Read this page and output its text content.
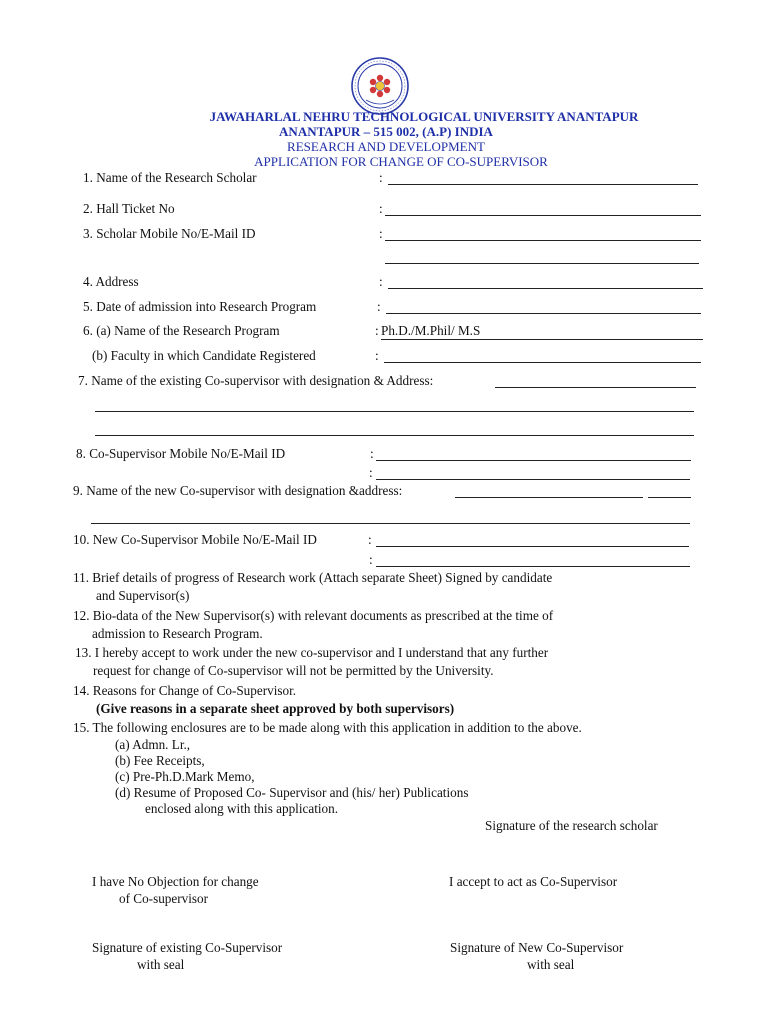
JAWAHARLAL NEHRU TECHNOLOGICAL UNIVERSITY ANANTAPUR
ANANTAPUR – 515 002, (A.P) INDIA
RESEARCH AND DEVELOPMENT
APPLICATION FOR CHANGE OF CO-SUPERVISOR
1. Name of the Research Scholar	:
2. Hall Ticket No	:
3. Scholar Mobile No/E-Mail ID	:
4. Address	:
5. Date of admission into Research Program	:
6. (a) Name of the Research Program	: Ph.D./M.Phil/ M.S
(b) Faculty in which Candidate Registered	:
7. Name of the existing Co-supervisor with designation & Address:
8. Co-Supervisor Mobile No/E-Mail ID	:
:
9. Name of the new Co-supervisor with designation &address:
10. New Co-Supervisor Mobile No/E-Mail ID	:
:
11. Brief details of progress of Research work (Attach separate Sheet) Signed by candidate
and Supervisor(s)
12. Bio-data of the New Supervisor(s) with relevant documents as prescribed at the time of
admission to Research Program.
13. I hereby accept to work under the new co-supervisor and I understand that any further
request for change of Co-supervisor will not be permitted by the University.
14. Reasons for Change of Co-Supervisor.
(Give reasons in a separate sheet approved by both supervisors)
15. The following enclosures are to be made along with this application in addition to the above.
(a) Admn. Lr.,
(b) Fee Receipts,
(c) Pre-Ph.D.Mark Memo,
(d) Resume of Proposed Co- Supervisor and (his/ her) Publications
enclosed along with this application.
Signature of the research scholar
I have No Objection for change
of Co-supervisor
I accept to act as Co-Supervisor
Signature of existing Co-Supervisor
with seal
Signature of New Co-Supervisor
with seal
